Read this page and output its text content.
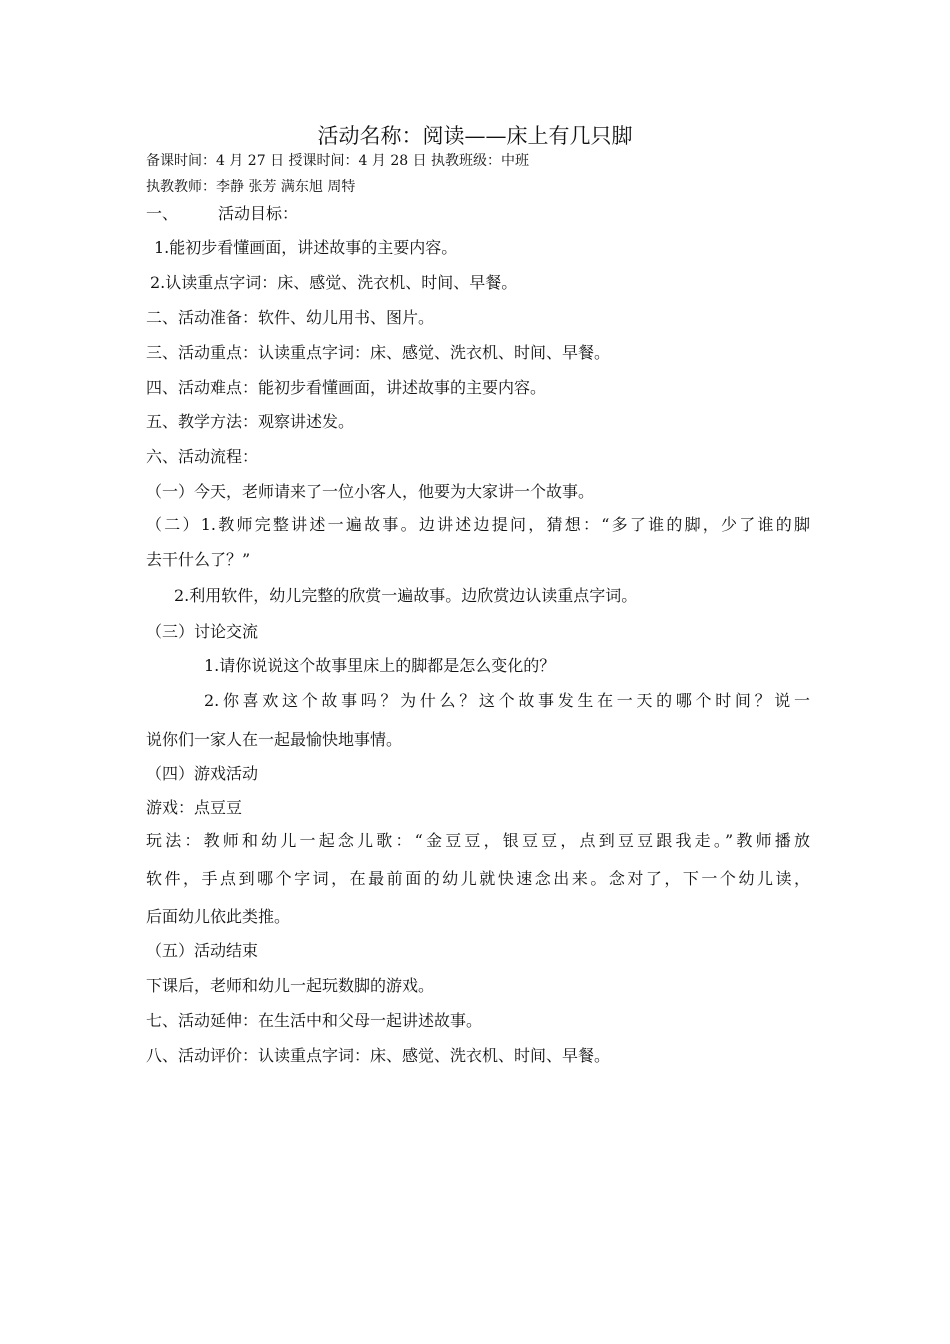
活动名称：阅读——床上有几只脚
备课时间：4 月 27 日 授课时间：4 月 28 日 执教班级：中班
执教教师：李静 张芳 满东旭 周特
一、	活动目标：
1.能初步看懂画面，讲述故事的主要内容。
2.认读重点字词：床、感觉、洗衣机、时间、早餐。
二、活动准备：软件、幼儿用书、图片。
三、活动重点：认读重点字词：床、感觉、洗衣机、时间、早餐。
四、活动难点：能初步看懂画面，讲述故事的主要内容。
五、教学方法：观察讲述发。
六、活动流程：
（一）今天，老师请来了一位小客人，他要为大家讲一个故事。
（二）1.教师完整讲述一遍故事。边讲述边提问，猜想：“多了谁的脚，少了谁的脚
去干什么了？”
2.利用软件，幼儿完整的欣赏一遍故事。边欣赏边认读重点字词。
（三）讨论交流
1.请你说说这个故事里床上的脚都是怎么变化的？
2.你喜欢这个故事吗？为什么？这个故事发生在一天的哪个时间？说一
说你们一家人在一起最愉快地事情。
（四）游戏活动
游戏：点豆豆
玩法：教师和幼儿一起念儿歌：“金豆豆，银豆豆，点到豆豆跟我走。”教师播放
软件，手点到哪个字词，在最前面的幼儿就快速念出来。念对了，下一个幼儿读，
后面幼儿依此类推。
（五）活动结束
下课后，老师和幼儿一起玩数脚的游戏。
七、活动延伸：在生活中和父母一起讲述故事。
八、活动评价：认读重点字词：床、感觉、洗衣机、时间、早餐。
